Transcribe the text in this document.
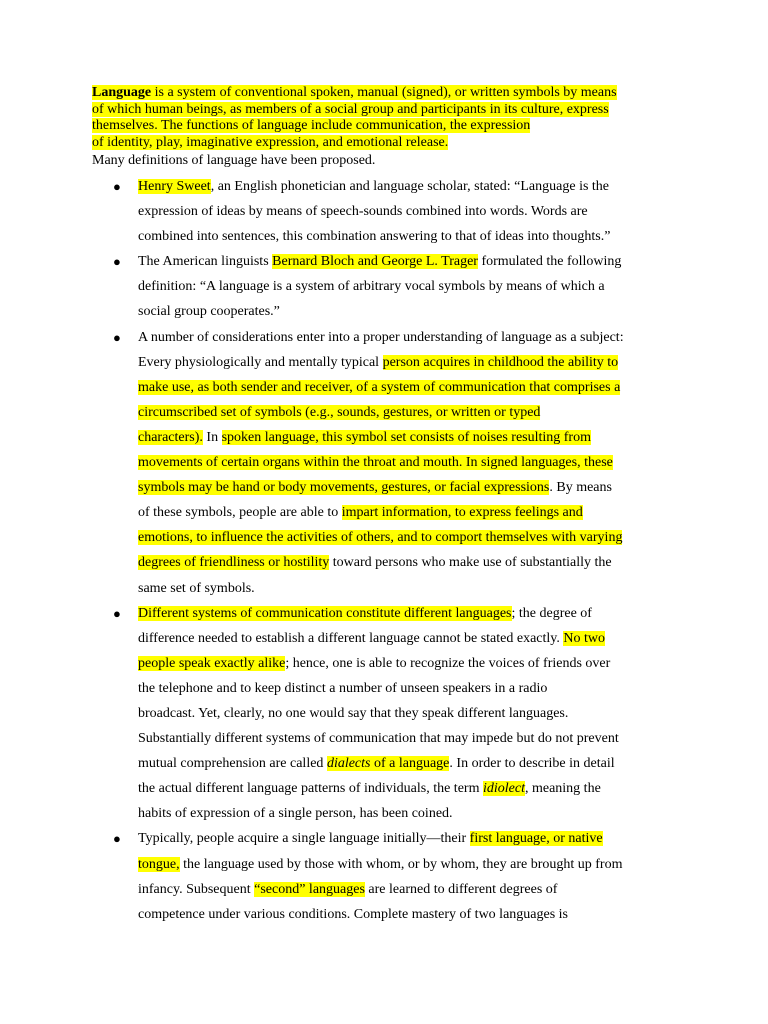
Language is a system of conventional spoken, manual (signed), or written symbols by means

of which human beings, as members of a social group and participants in its culture, express

themselves. The functions of language include communication, the expression

of identity, play, imaginative expression, and emotional release.

Many definitions of language have been proposed.

● Henry Sweet, an English phonetician and language scholar, stated: “Language is the
expression of ideas by means of speech-sounds combined into words. Words are
combined into sentences, this combination answering to that of ideas into thoughts.”
● The American linguists Bernard Bloch and George L. Trager formulated the following
definition: “A language is a system of arbitrary vocal symbols by means of which a
social group cooperates.”
● A number of considerations enter into a proper understanding of language as a subject:
Every physiologically and mentally typical person acquires in childhood the ability to
make use, as both sender and receiver, of a system of communication that comprises a
circumscribed set of symbols (e.g., sounds, gestures, or written or typed
characters). In spoken language, this symbol set consists of noises resulting from
movements of certain organs within the throat and mouth. In signed languages, these
symbols may be hand or body movements, gestures, or facial expressions. By means
of these symbols, people are able to impart information, to express feelings and
emotions, to influence the activities of others, and to comport themselves with varying
degrees of friendliness or hostility toward persons who make use of substantially the
same set of symbols.
● Different systems of communication constitute different languages; the degree of
difference needed to establish a different language cannot be stated exactly. No two
people speak exactly alike; hence, one is able to recognize the voices of friends over
the telephone and to keep distinct a number of unseen speakers in a radio
broadcast. Yet, clearly, no one would say that they speak different languages.
Substantially different systems of communication that may impede but do not prevent
mutual comprehension are called dialects of a language. In order to describe in detail
the actual different language patterns of individuals, the term idiolect, meaning the
habits of expression of a single person, has been coined.
● Typically, people acquire a single language initially—their first language, or native
tongue, the language used by those with whom, or by whom, they are brought up from
infancy. Subsequent “second” languages are learned to different degrees of
competence under various conditions. Complete mastery of two languages is
